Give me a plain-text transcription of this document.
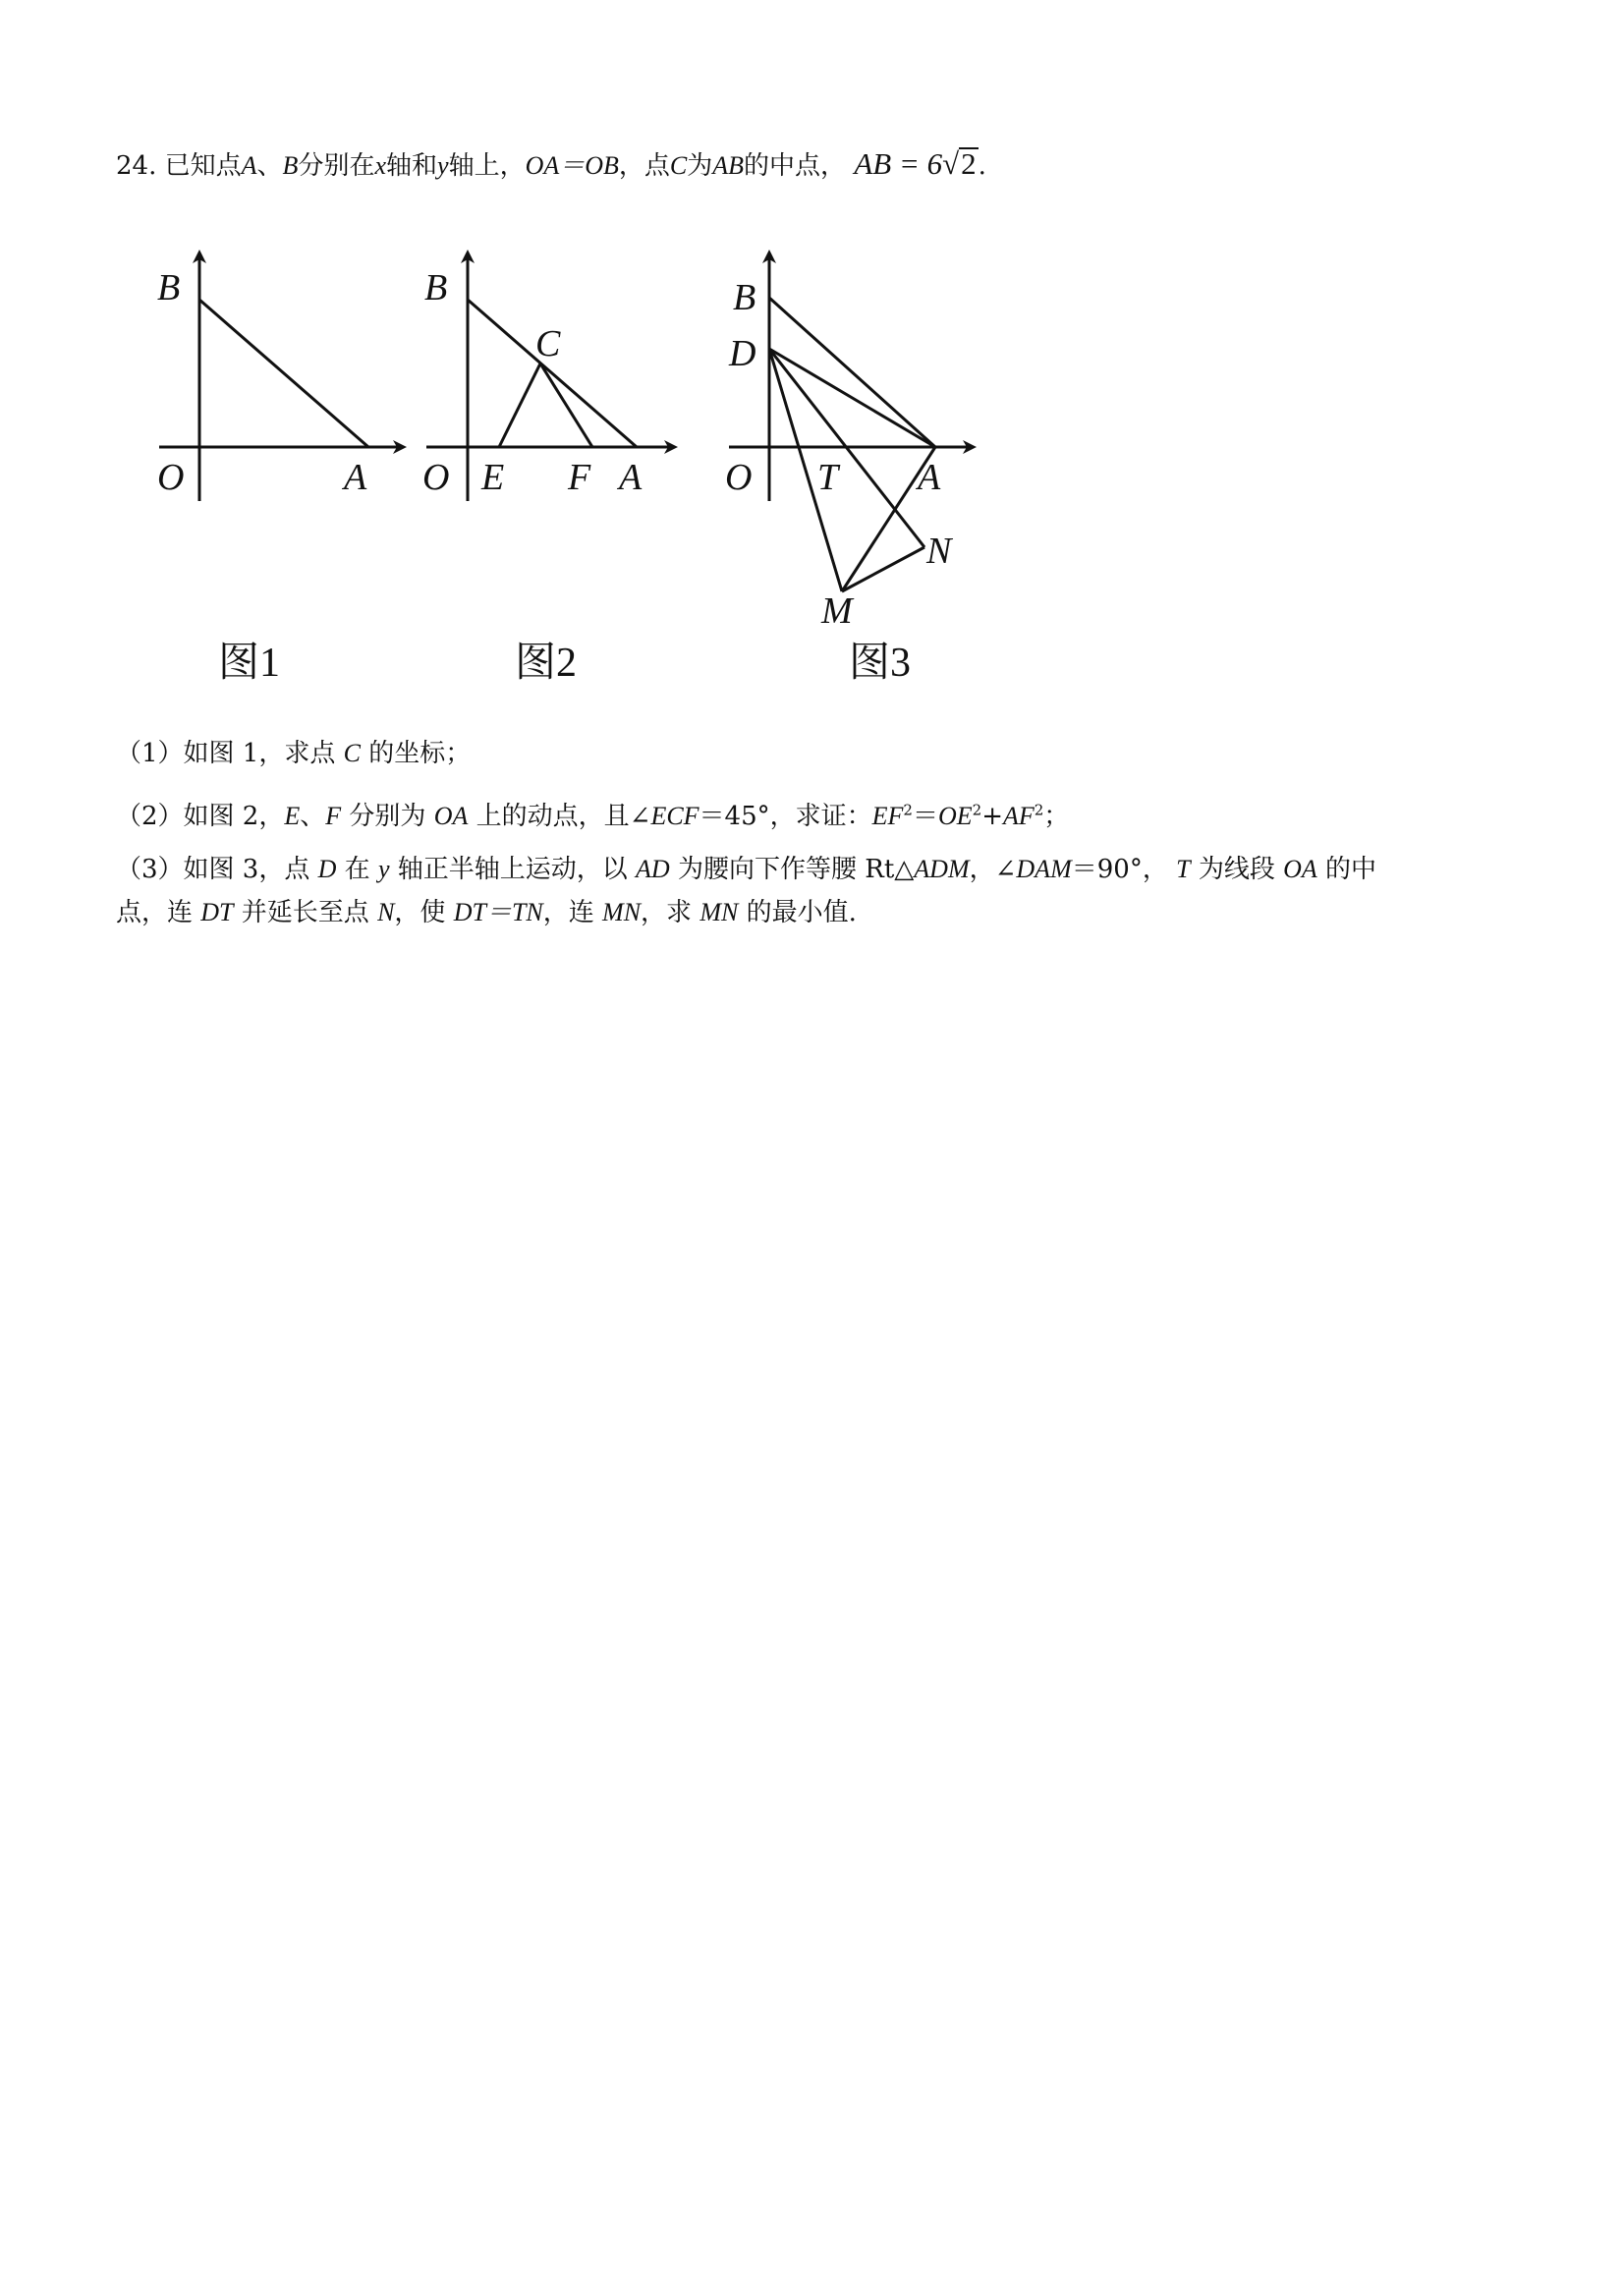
24. 已知点A、B分别在x轴和y轴上，OA＝OB，点C为AB的中点， AB = 6√2.
B
O	A
图1
B
C
O E F A
图2
B
D
O T A
N
M
图3
（1）如图 1，求点 C 的坐标；
（2）如图 2，E、F 分别为 OA 上的动点，且∠ECF＝45°，求证：$EF^2=OE^2+AF^2$；
（3）如图 3，点 D 在 y 轴正半轴上运动，以 AD 为腰向下作等腰 Rt△ADM，∠DAM＝90°， T 为线段 OA 的中
点，连 DT 并延长至点 N，使 DT＝TN，连 MN，求 MN 的最小值.
